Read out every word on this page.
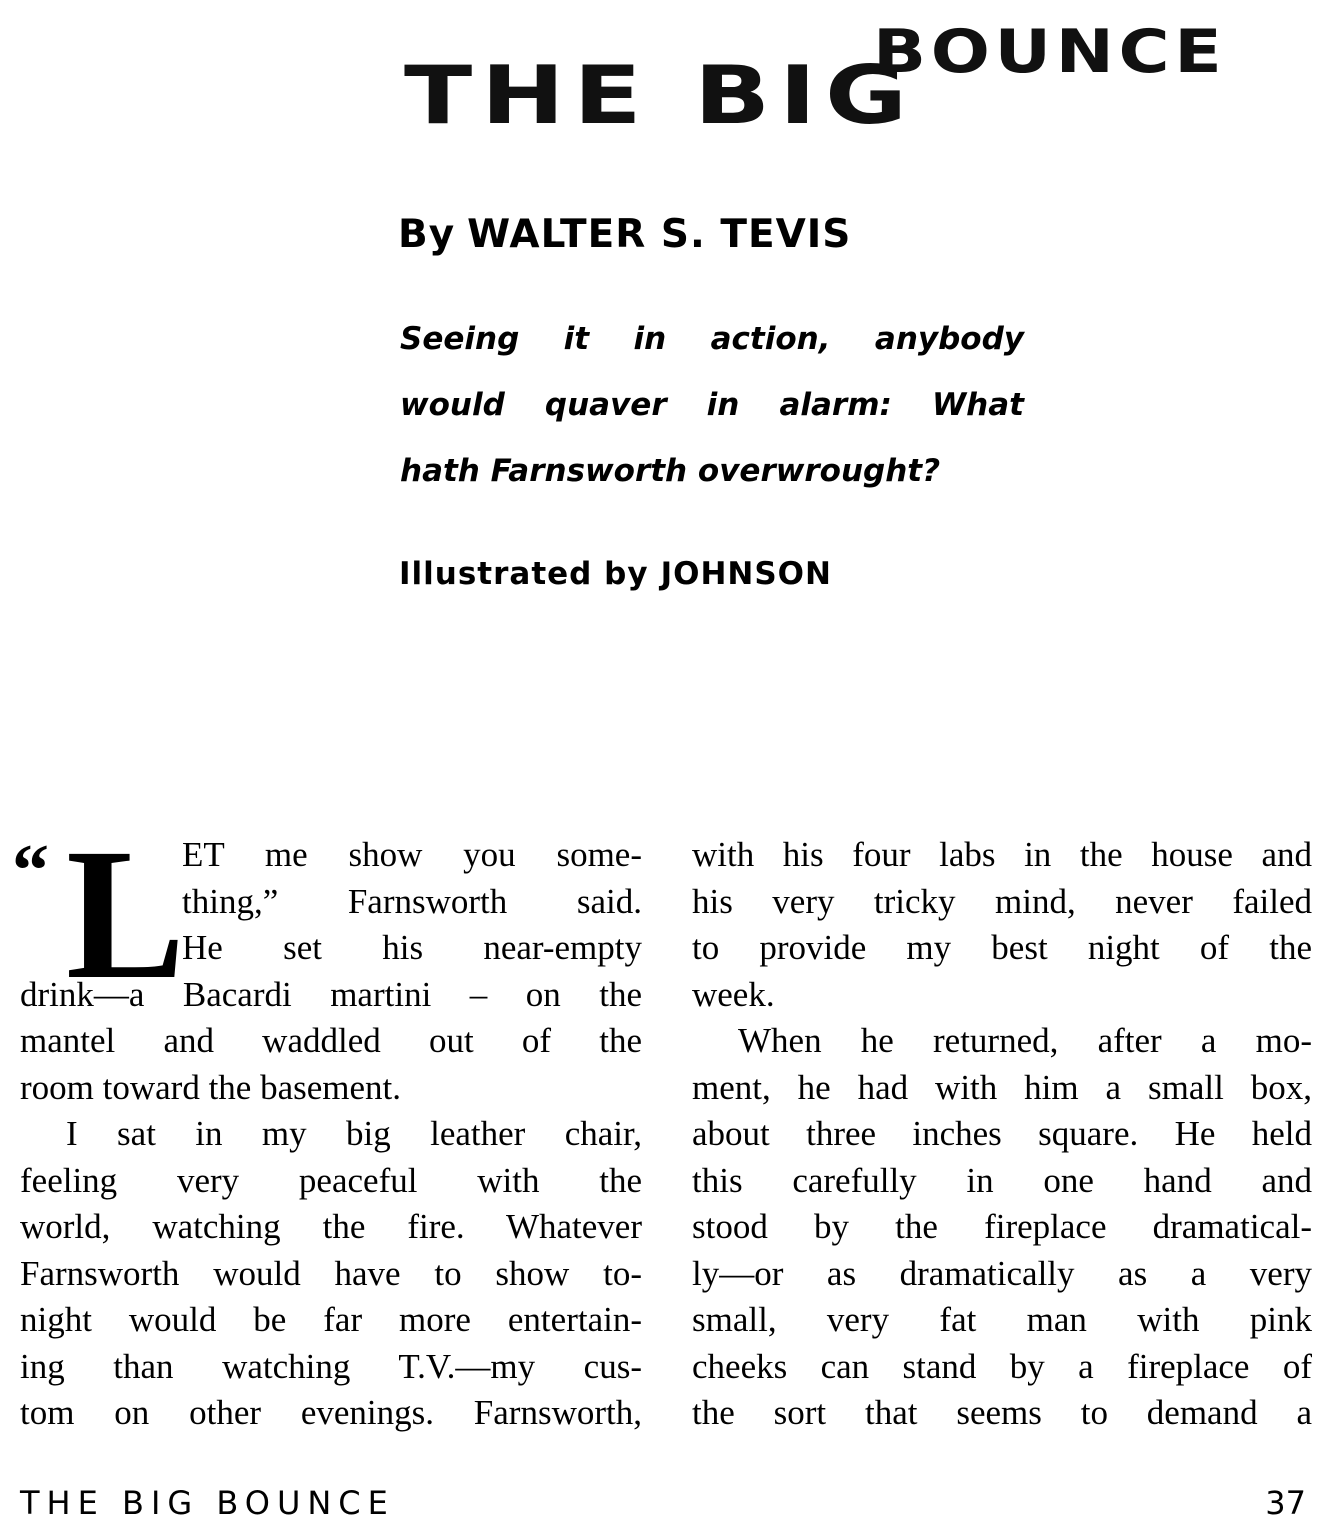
THE BIG
BOUNCE

By WALTER S. TEVIS

Seeing it in action, anybody
would quaver in alarm: What
hath Farnsworth overwrought?

Illustrated by JOHNSON

“ L
ET me show you some-
thing,” Farnsworth said.
He set his near-empty
drink—a Bacardi martini – on the
mantel and waddled out of the
room toward the basement.
I sat in my big leather chair,
feeling very peaceful with the
world, watching the fire. Whatever
Farnsworth would have to show to-
night would be far more entertain-
ing than watching T.V.—my cus-
tom on other evenings. Farnsworth,
with his four labs in the house and
his very tricky mind, never failed
to provide my best night of the
week.
When he returned, after a mo-
ment, he had with him a small box,
about three inches square. He held
this carefully in one hand and
stood by the fireplace dramatical-
ly—or as dramatically as a very
small, very fat man with pink
cheeks can stand by a fireplace of
the sort that seems to demand a

THE BIG BOUNCE	37
